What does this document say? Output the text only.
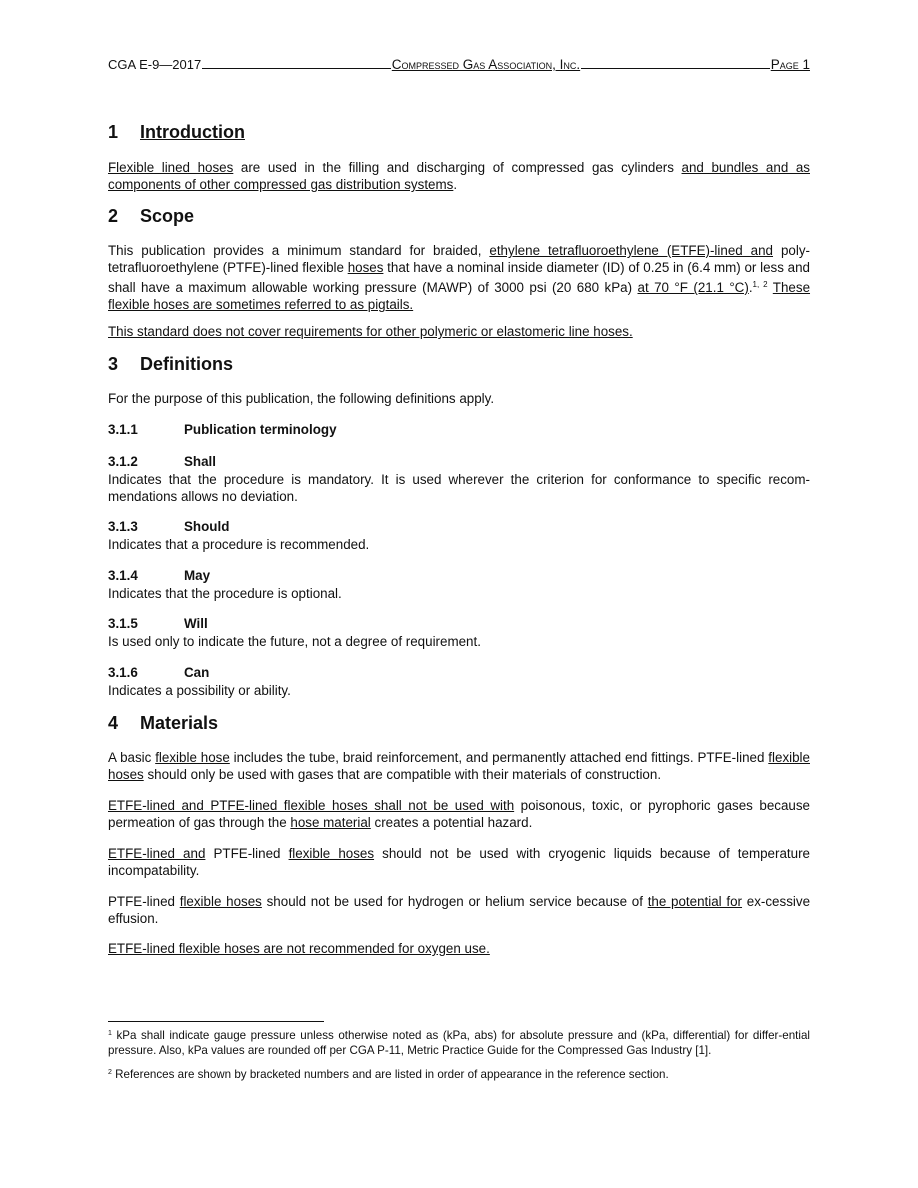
CGA E-9—2017	Compressed Gas Association, Inc.	Page 1
1 Introduction

Flexible lined hoses are used in the filling and discharging of compressed gas cylinders and bundles and as components of other compressed gas distribution systems.

2 Scope

This publication provides a minimum standard for braided, ethylene tetrafluoroethylene (ETFE)-lined and poly-tetrafluoroethylene (PTFE)-lined flexible hoses that have a nominal inside diameter (ID) of 0.25 in (6.4 mm) or less and shall have a maximum allowable working pressure (MAWP) of 3000 psi (20 680 kPa) at 70 °F (21.1 °C).$^{1, 2}$ These flexible hoses are sometimes referred to as pigtails.

This standard does not cover requirements for other polymeric or elastomeric line hoses.

3 Definitions

For the purpose of this publication, the following definitions apply.

3.1.1	Publication terminology
3.1.2	Shall

Indicates that the procedure is mandatory. It is used wherever the criterion for conformance to specific recom-mendations allows no deviation.

3.1.3	Should

Indicates that a procedure is recommended.

3.1.4	May

Indicates that the procedure is optional.

3.1.5	Will

Is used only to indicate the future, not a degree of requirement.

3.1.6	Can

Indicates a possibility or ability.

4 Materials

A basic flexible hose includes the tube, braid reinforcement, and permanently attached end fittings. PTFE-lined flexible hoses should only be used with gases that are compatible with their materials of construction.

ETFE-lined and PTFE-lined flexible hoses shall not be used with poisonous, toxic, or pyrophoric gases because permeation of gas through the hose material creates a potential hazard.

ETFE-lined and PTFE-lined flexible hoses should not be used with cryogenic liquids because of temperature incompatability.

PTFE-lined flexible hoses should not be used for hydrogen or helium service because of the potential for ex-cessive effusion.

ETFE-lined flexible hoses are not recommended for oxygen use.

$^1$ kPa shall indicate gauge pressure unless otherwise noted as (kPa, abs) for absolute pressure and (kPa, differential) for differ-ential pressure. Also, kPa values are rounded off per CGA P-11, Metric Practice Guide for the Compressed Gas Industry [1].

$^2$ References are shown by bracketed numbers and are listed in order of appearance in the reference section.
